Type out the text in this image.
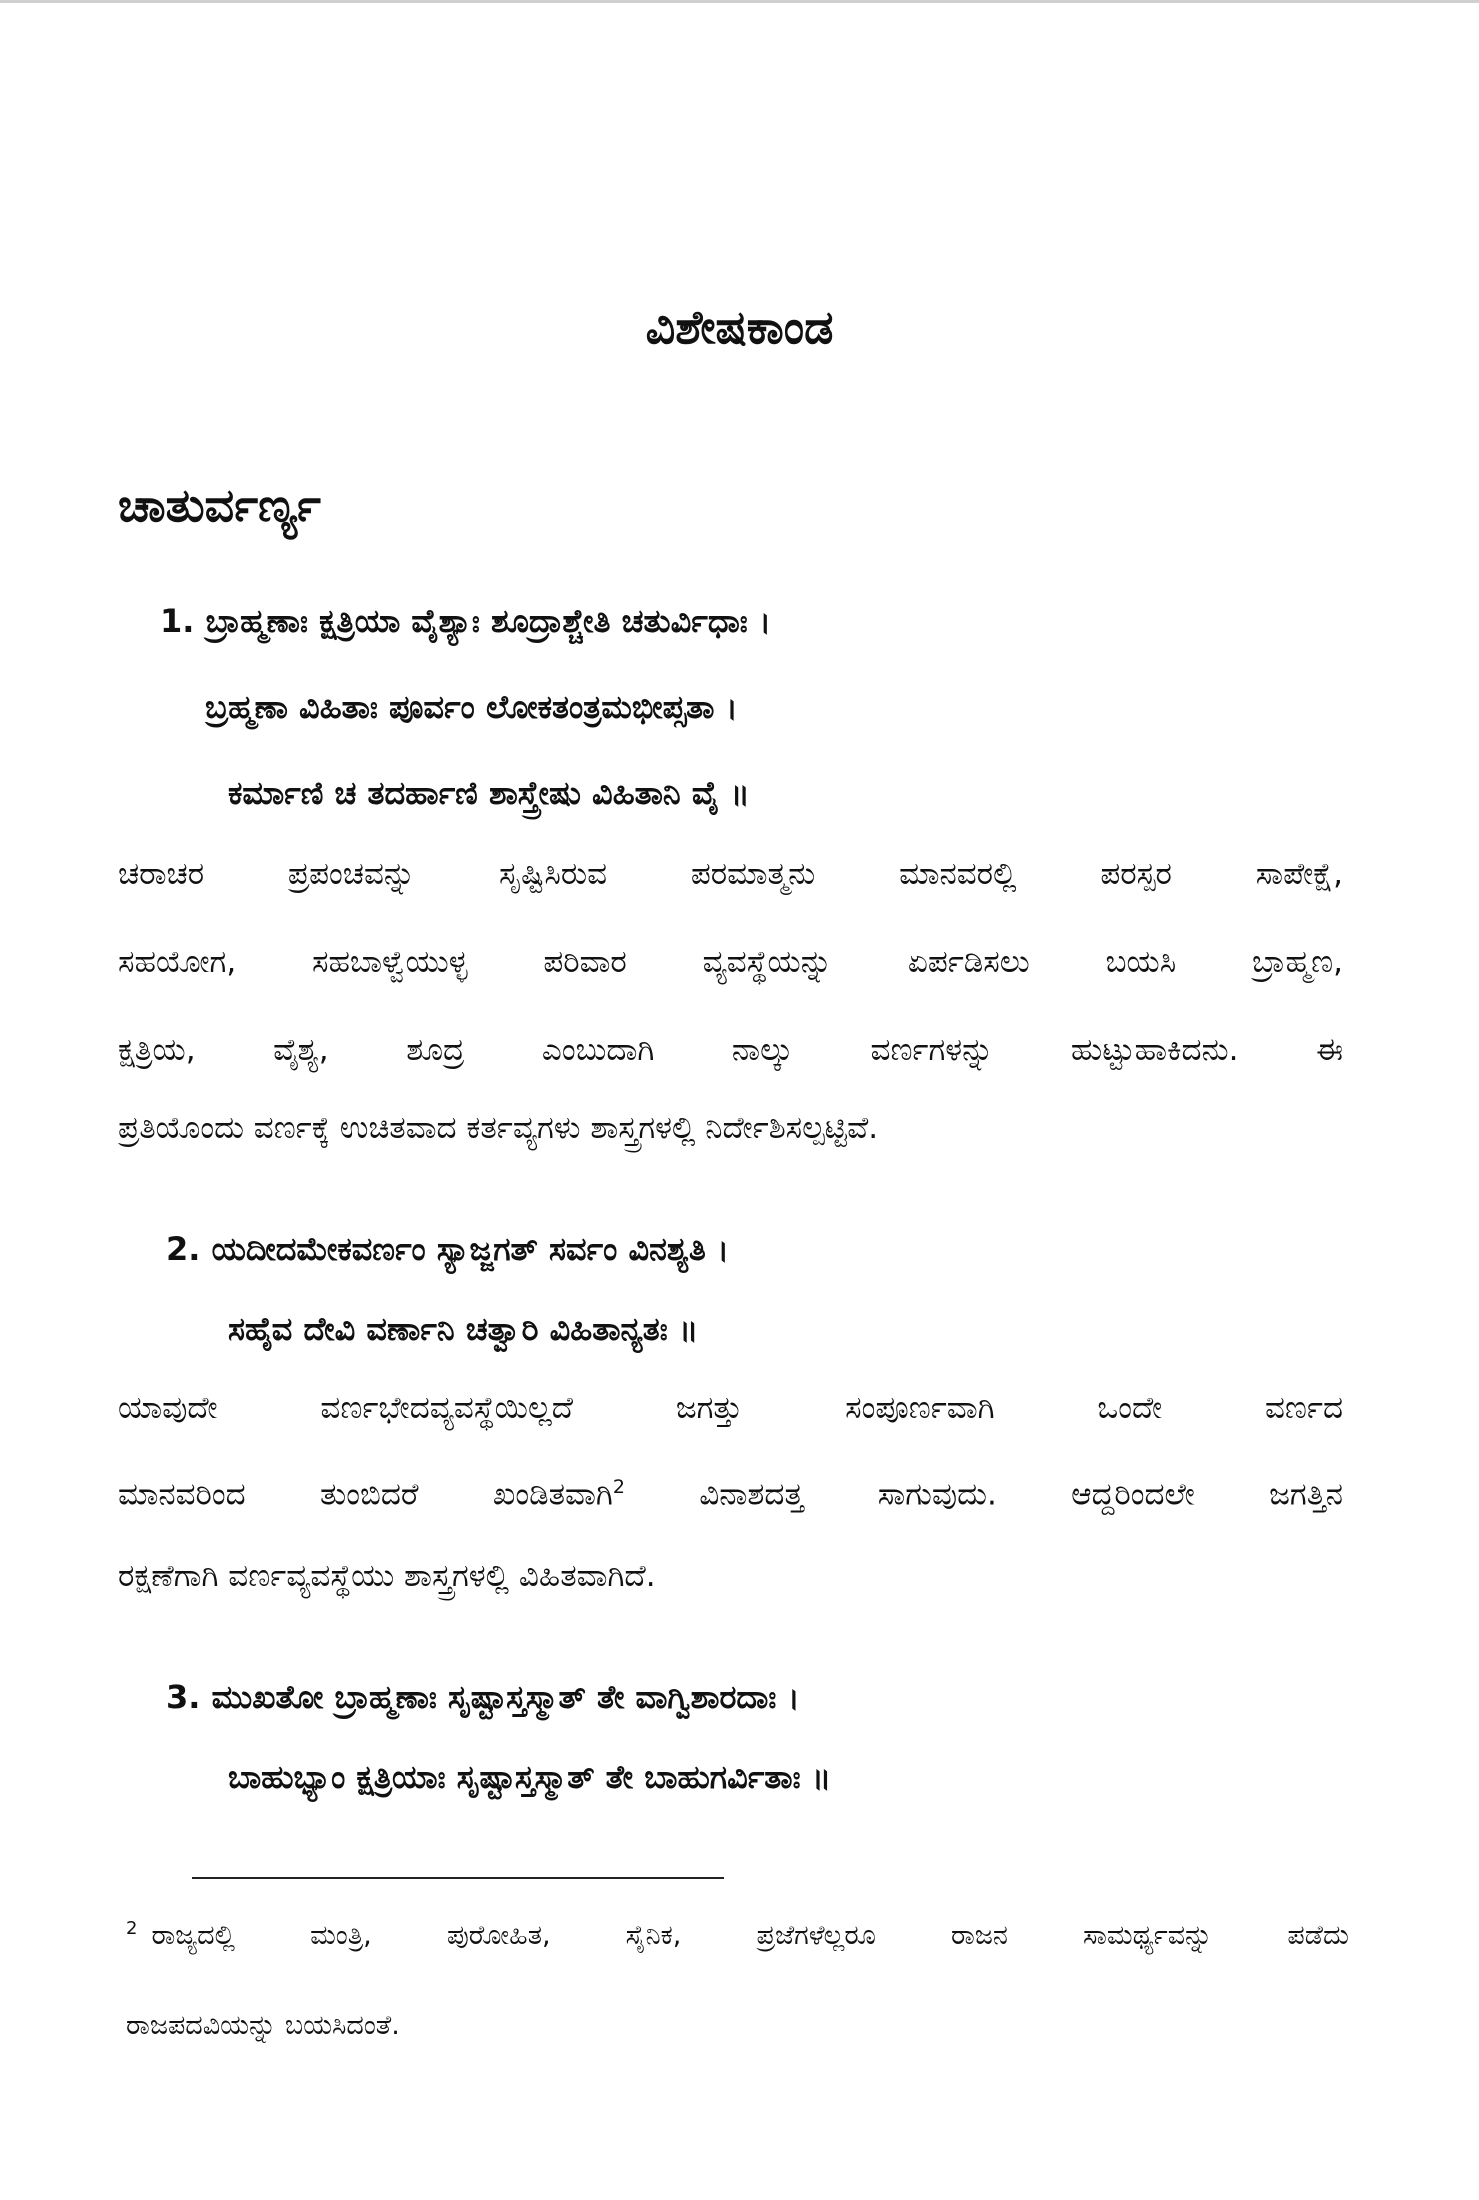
ವಿಶೇಷಕಾಂಡ
ಚಾತುರ್ವರ್ಣ್ಯ
1. ಬ್ರಾಹ್ಮಣಾಃ ಕ್ಷತ್ರಿಯಾ ವೈಶ್ಯಾಃ ಶೂದ್ರಾಶ್ಚೇತಿ ಚತುರ್ವಿಧಾಃ ।
ಬ್ರಹ್ಮಣಾ ವಿಹಿತಾಃ ಪೂರ್ವಂ ಲೋಕತಂತ್ರಮಭೀಪ್ಸತಾ ।
ಕರ್ಮಾಣಿ ಚ ತದರ್ಹಾಣಿ ಶಾಸ್ತ್ರೇಷು ವಿಹಿತಾನಿ ವೈ ॥
ಚರಾಚರ ಪ್ರಪಂಚವನ್ನು ಸೃಷ್ಟಿಸಿರುವ ಪರಮಾತ್ಮನು ಮಾನವರಲ್ಲಿ ಪರಸ್ಪರ ಸಾಪೇಕ್ಷೆ,
ಸಹಯೋಗ, ಸಹಬಾಳ್ವೆಯುಳ್ಳ ಪರಿವಾರ ವ್ಯವಸ್ಥೆಯನ್ನು ಏರ್ಪಡಿಸಲು ಬಯಸಿ ಬ್ರಾಹ್ಮಣ,
ಕ್ಷತ್ರಿಯ, ವೈಶ್ಯ, ಶೂದ್ರ ಎಂಬುದಾಗಿ ನಾಲ್ಕು ವರ್ಣಗಳನ್ನು ಹುಟ್ಟುಹಾಕಿದನು. ಈ
ಪ್ರತಿಯೊಂದು ವರ್ಣಕ್ಕೆ ಉಚಿತವಾದ ಕರ್ತವ್ಯಗಳು ಶಾಸ್ತ್ರಗಳಲ್ಲಿ ನಿರ್ದೇಶಿಸಲ್ಪಟ್ಟಿವೆ.
2. ಯದೀದಮೇಕವರ್ಣಂ ಸ್ಯಾಜ್ಜಗತ್ ಸರ್ವಂ ವಿನಶ್ಯತಿ ।
ಸಹೈವ ದೇವಿ ವರ್ಣಾನಿ ಚತ್ವಾರಿ ವಿಹಿತಾನ್ಯತಃ ॥
ಯಾವುದೇ ವರ್ಣಭೇದವ್ಯವಸ್ಥೆಯಿಲ್ಲದೆ ಜಗತ್ತು ಸಂಪೂರ್ಣವಾಗಿ ಒಂದೇ ವರ್ಣದ
ಮಾನವರಿಂದ ತುಂಬಿದರೆ ಖಂಡಿತವಾಗಿ$^2$ ವಿನಾಶದತ್ತ ಸಾಗುವುದು. ಆದ್ದರಿಂದಲೇ ಜಗತ್ತಿನ
ರಕ್ಷಣೆಗಾಗಿ ವರ್ಣವ್ಯವಸ್ಥೆಯು ಶಾಸ್ತ್ರಗಳಲ್ಲಿ ವಿಹಿತವಾಗಿದೆ.
3. ಮುಖತೋ ಬ್ರಾಹ್ಮಣಾಃ ಸೃಷ್ಟಾಸ್ತಸ್ಮಾತ್ ತೇ ವಾಗ್ವಿಶಾರದಾಃ ।
ಬಾಹುಭ್ಯಾಂ ಕ್ಷತ್ರಿಯಾಃ ಸೃಷ್ಟಾಸ್ತಸ್ಮಾತ್ ತೇ ಬಾಹುಗರ್ವಿತಾಃ ॥
$^2$ ರಾಜ್ಯದಲ್ಲಿ ಮಂತ್ರಿ, ಪುರೋಹಿತ, ಸೈನಿಕ, ಪ್ರಜೆಗಳೆಲ್ಲರೂ ರಾಜನ ಸಾಮರ್ಥ್ಯವನ್ನು ಪಡೆದು
ರಾಜಪದವಿಯನ್ನು ಬಯಸಿದಂತೆ.
